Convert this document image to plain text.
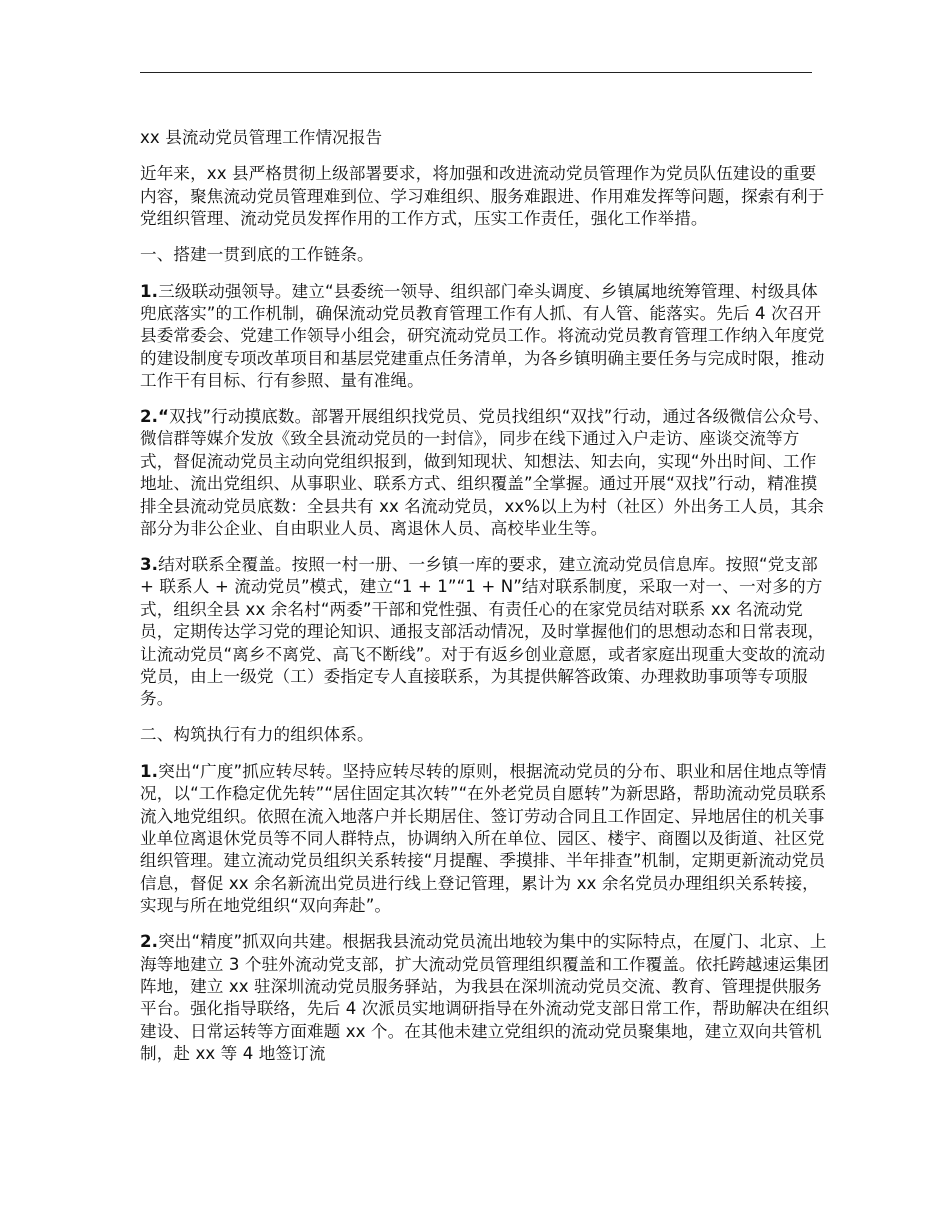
xx 县流动党员管理工作情况报告

近年来，xx 县严格贯彻上级部署要求，将加强和改进流动党员管理作为党员队伍建设的重要内容，聚焦流动党员管理难到位、学习难组织、服务难跟进、作用难发挥等问题，探索有利于党组织管理、流动党员发挥作用的工作方式，压实工作责任，强化工作举措。

一、搭建一贯到底的工作链条。

1.三级联动强领导。建立“县委统一领导、组织部门牵头调度、乡镇属地统筹管理、村级具体兜底落实”的工作机制，确保流动党员教育管理工作有人抓、有人管、能落实。先后 4 次召开县委常委会、党建工作领导小组会，研究流动党员工作。将流动党员教育管理工作纳入年度党的建设制度专项改革项目和基层党建重点任务清单，为各乡镇明确主要任务与完成时限，推动工作干有目标、行有参照、量有准绳。

2.“双找”行动摸底数。部署开展组织找党员、党员找组织“双找”行动，通过各级微信公众号、微信群等媒介发放《致全县流动党员的一封信》，同步在线下通过入户走访、座谈交流等方式，督促流动党员主动向党组织报到，做到知现状、知想法、知去向，实现“外出时间、工作地址、流出党组织、从事职业、联系方式、组织覆盖”全掌握。通过开展“双找”行动，精准摸排全县流动党员底数：全县共有 xx 名流动党员，xx%以上为村（社区）外出务工人员，其余部分为非公企业、自由职业人员、离退休人员、高校毕业生等。

3.结对联系全覆盖。按照一村一册、一乡镇一库的要求，建立流动党员信息库。按照“党支部 + 联系人 + 流动党员”模式，建立“1 + 1”“1 + N”结对联系制度，采取一对一、一对多的方式，组织全县 xx 余名村“两委”干部和党性强、有责任心的在家党员结对联系 xx 名流动党员，定期传达学习党的理论知识、通报支部活动情况，及时掌握他们的思想动态和日常表现，让流动党员“离乡不离党、高飞不断线”。对于有返乡创业意愿，或者家庭出现重大变故的流动党员，由上一级党（工）委指定专人直接联系，为其提供解答政策、办理救助事项等专项服务。

二、构筑执行有力的组织体系。

1.突出“广度”抓应转尽转。坚持应转尽转的原则，根据流动党员的分布、职业和居住地点等情况，以“工作稳定优先转”“居住固定其次转”“在外老党员自愿转”为新思路，帮助流动党员联系流入地党组织。依照在流入地落户并长期居住、签订劳动合同且工作固定、异地居住的机关事业单位离退休党员等不同人群特点，协调纳入所在单位、园区、楼宇、商圈以及街道、社区党组织管理。建立流动党员组织关系转接“月提醒、季摸排、半年排查”机制，定期更新流动党员信息，督促 xx 余名新流出党员进行线上登记管理，累计为 xx 余名党员办理组织关系转接，实现与所在地党组织“双向奔赴”。

2.突出“精度”抓双向共建。根据我县流动党员流出地较为集中的实际特点，在厦门、北京、上海等地建立 3 个驻外流动党支部，扩大流动党员管理组织覆盖和工作覆盖。依托跨越速运集团阵地，建立 xx 驻深圳流动党员服务驿站，为我县在深圳流动党员交流、教育、管理提供服务平台。强化指导联络，先后 4 次派员实地调研指导在外流动党支部日常工作，帮助解决在组织建设、日常运转等方面难题 xx 个。在其他未建立党组织的流动党员聚集地，建立双向共管机制，赴 xx 等 4 地签订流
